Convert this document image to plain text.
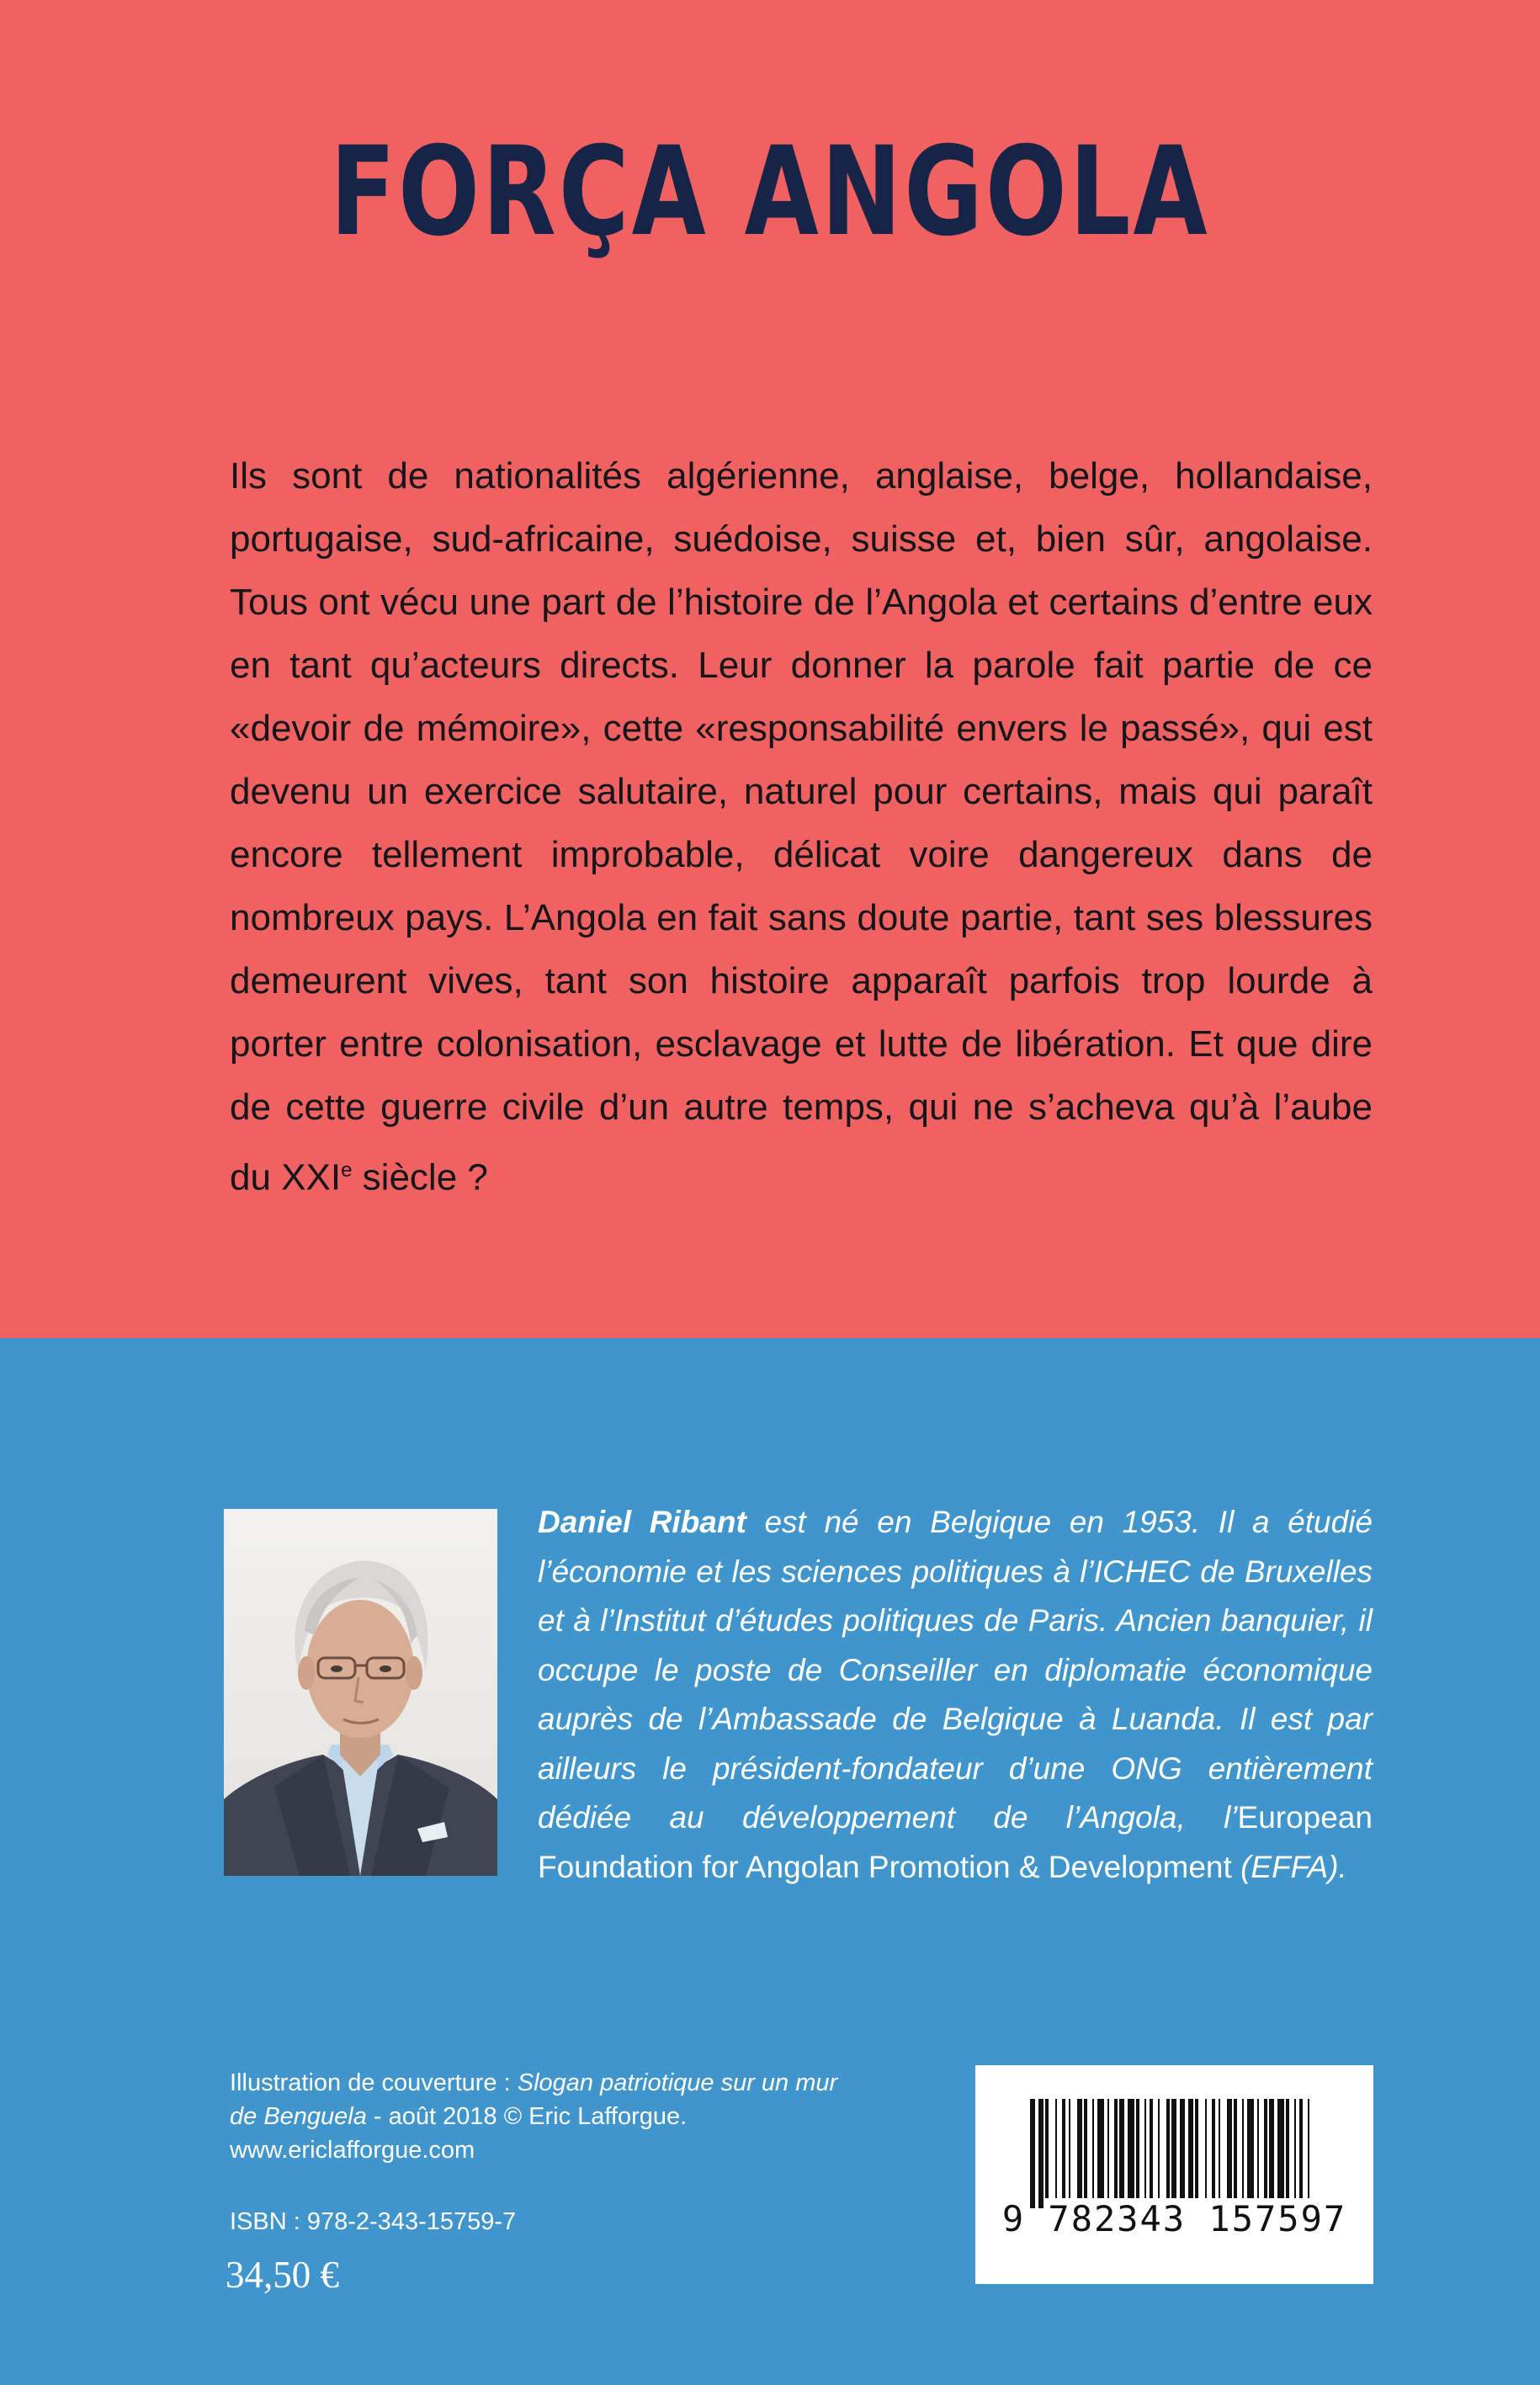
FORÇA ANGOLA

Ils sont de nationalités algérienne, anglaise, belge, hollandaise, portugaise, sud-africaine, suédoise, suisse et, bien sûr, angolaise. Tous ont vécu une part de l’histoire de l’Angola et certains d’entre eux en tant qu’acteurs directs. Leur donner la parole fait partie de ce «devoir de mémoire», cette «responsabilité envers le passé», qui est devenu un exercice salutaire, naturel pour certains, mais qui paraît encore tellement improbable, délicat voire dangereux dans de nombreux pays. L’Angola en fait sans doute partie, tant ses blessures demeurent vives, tant son histoire apparaît parfois trop lourde à porter entre colonisation, esclavage et lutte de libération. Et que dire de cette guerre civile d’un autre temps, qui ne s’acheva qu’à l’aube du XXIe siècle ?

Daniel Ribant est né en Belgique en 1953. Il a étudié l’économie et les sciences politiques à l’ICHEC de Bruxelles et à l’Institut d’études politiques de Paris. Ancien banquier, il occupe le poste de Conseiller en diplomatie économique auprès de l’Ambassade de Belgique à Luanda. Il est par ailleurs le président-fondateur d’une ONG entièrement dédiée au développement de l’Angola, l’European Foundation for Angolan Promotion & Development (EFFA).

Illustration de couverture : Slogan patriotique sur un mur de Benguela - août 2018 © Eric Lafforgue.

www.ericlafforgue.com

ISBN : 978-2-343-15759-7

34,50 €

9 782343 157597
